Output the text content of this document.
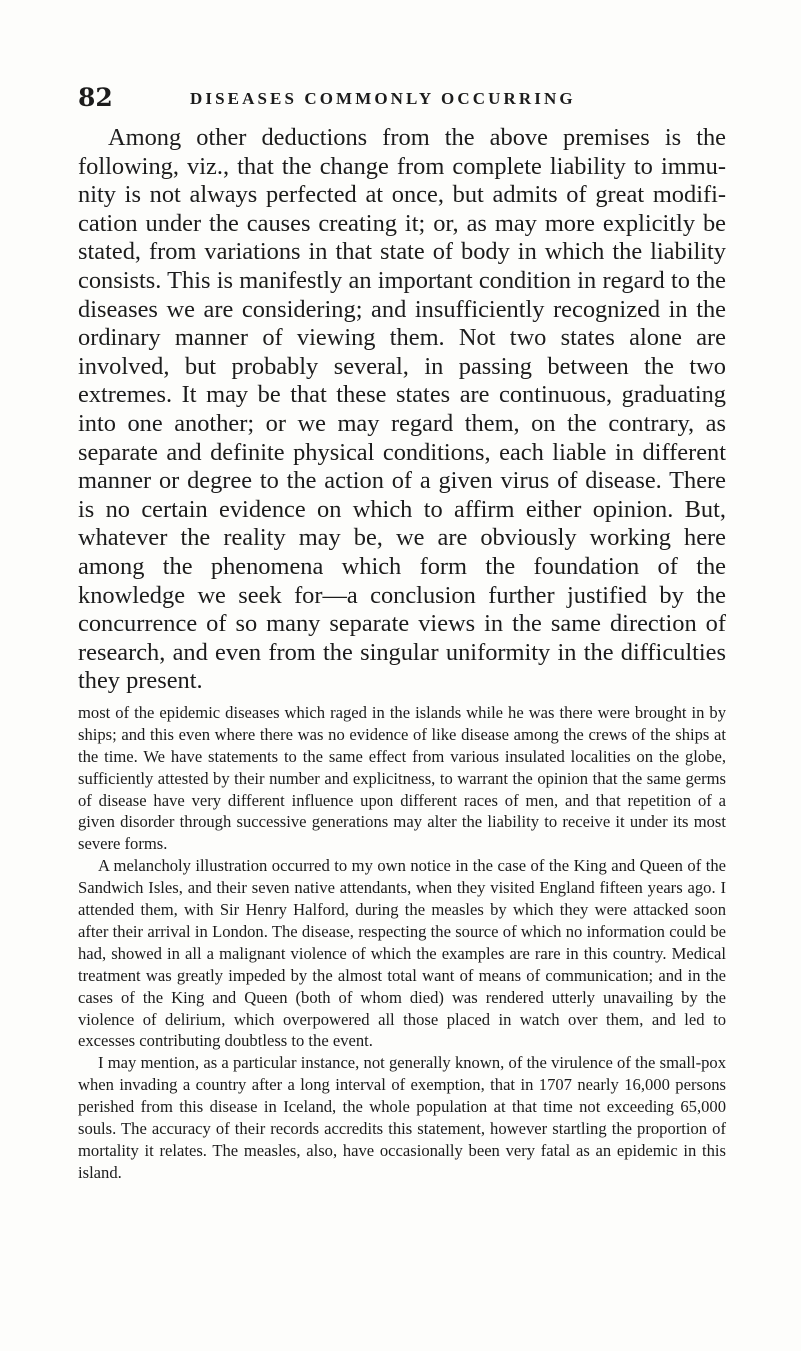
82	DISEASES COMMONLY OCCURRING

Among other deductions from the above premises is the following, viz., that the change from complete liability to immunity is not always perfected at once, but admits of great modification under the causes creating it; or, as may more explicitly be stated, from variations in that state of body in which the liability consists. This is manifestly an important condition in regard to the diseases we are considering; and insufficiently recognized in the ordinary manner of viewing them. Not two states alone are involved, but probably several, in passing between the two extremes. It may be that these states are continuous, graduating into one another; or we may regard them, on the contrary, as separate and definite physical conditions, each liable in different manner or degree to the action of a given virus of disease. There is no certain evidence on which to affirm either opinion. But, whatever the reality may be, we are obviously working here among the phenomena which form the foundation of the knowledge we seek for—a conclusion further justified by the concurrence of so many separate views in the same direction of research, and even from the singular uniformity in the difficulties they present.

most of the epidemic diseases which raged in the islands while he was there were brought in by ships; and this even where there was no evidence of like disease among the crews of the ships at the time. We have statements to the same effect from various insulated localities on the globe, sufficiently attested by their number and explicitness, to warrant the opinion that the same germs of disease have very different influence upon different races of men, and that repetition of a given disorder through successive generations may alter the liability to receive it under its most severe forms.

A melancholy illustration occurred to my own notice in the case of the King and Queen of the Sandwich Isles, and their seven native attendants, when they visited England fifteen years ago. I attended them, with Sir Henry Halford, during the measles by which they were attacked soon after their arrival in London. The disease, respecting the source of which no information could be had, showed in all a malignant violence of which the examples are rare in this country. Medical treatment was greatly impeded by the almost total want of means of communication; and in the cases of the King and Queen (both of whom died) was rendered utterly unavailing by the violence of delirium, which overpowered all those placed in watch over them, and led to excesses contributing doubtless to the event.

I may mention, as a particular instance, not generally known, of the virulence of the small-pox when invading a country after a long interval of exemption, that in 1707 nearly 16,000 persons perished from this disease in Iceland, the whole population at that time not exceeding 65,000 souls. The accuracy of their records accredits this statement, however startling the proportion of mortality it relates. The measles, also, have occasionally been very fatal as an epidemic in this island.
